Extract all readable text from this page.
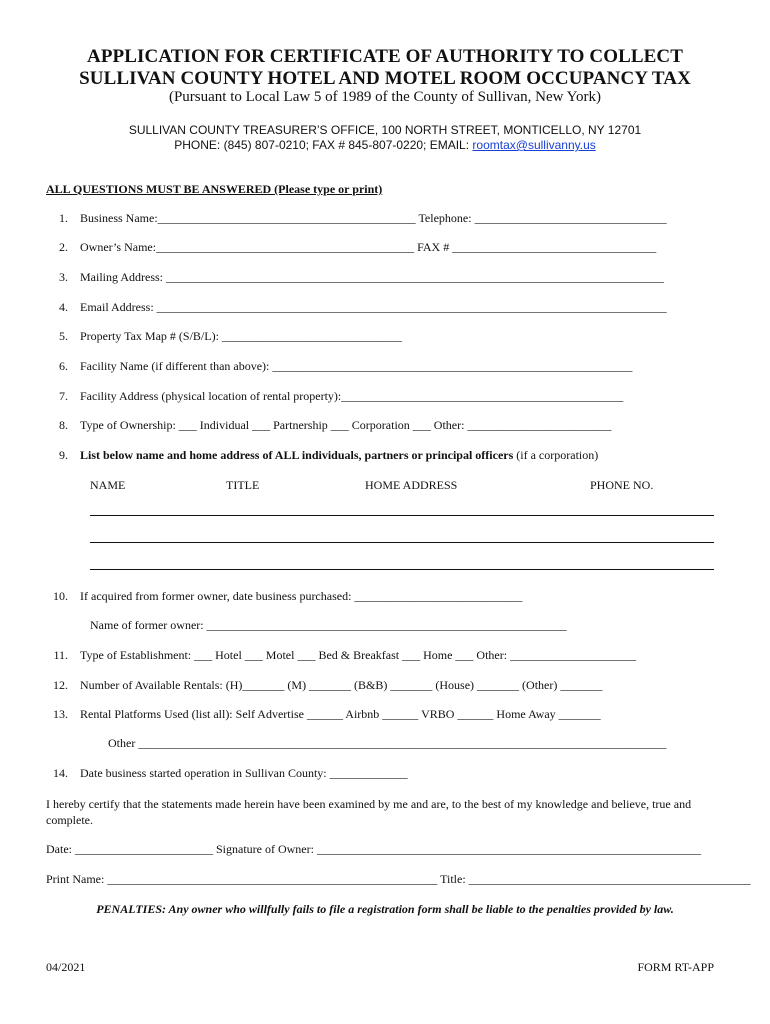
APPLICATION FOR CERTIFICATE OF AUTHORITY TO COLLECT
SULLIVAN COUNTY HOTEL AND MOTEL ROOM OCCUPANCY TAX
(Pursuant to Local Law 5 of 1989 of the County of Sullivan, New York)
SULLIVAN COUNTY TREASURER’S OFFICE, 100 NORTH STREET, MONTICELLO, NY 12701
PHONE: (845) 807-0210; FAX # 845-807-0220; EMAIL: roomtax@sullivanny.us
ALL QUESTIONS MUST BE ANSWERED (Please type or print)
1. Business Name:___________________________________________ Telephone: ________________________________
2. Owner’s Name:___________________________________________ FAX # __________________________________
3. Mailing Address: ___________________________________________________________________________________
4. Email Address: _____________________________________________________________________________________
5. Property Tax Map # (S/B/L): ______________________________
6. Facility Name (if different than above): ____________________________________________________________
7. Facility Address (physical location of rental property):_______________________________________________
8. Type of Ownership: ___ Individual ___ Partnership ___ Corporation ___ Other: ________________________
9. List below name and home address of ALL individuals, partners or principal officers (if a corporation)
NAME	TITLE	HOME ADDRESS	PHONE NO.
10. If acquired from former owner, date business purchased: ____________________________
Name of former owner: ____________________________________________________________
11. Type of Establishment: ___ Hotel ___ Motel ___ Bed & Breakfast ___ Home ___ Other: _____________________
12. Number of Available Rentals: (H)_______ (M) _______ (B&B) _______ (House) _______ (Other) _______
13. Rental Platforms Used (list all): Self Advertise ______ Airbnb ______ VRBO ______ Home Away _______
Other ________________________________________________________________________________________
14. Date business started operation in Sullivan County: _____________
I hereby certify that the statements made herein have been examined by me and are, to the best of my knowledge and believe, true and complete.
Date: _______________________ Signature of Owner: ________________________________________________________________
Print Name: _______________________________________________________ Title: _______________________________________________
PENALTIES: Any owner who willfully fails to file a registration form shall be liable to the penalties provided by law.
04/2021	FORM RT-APP
